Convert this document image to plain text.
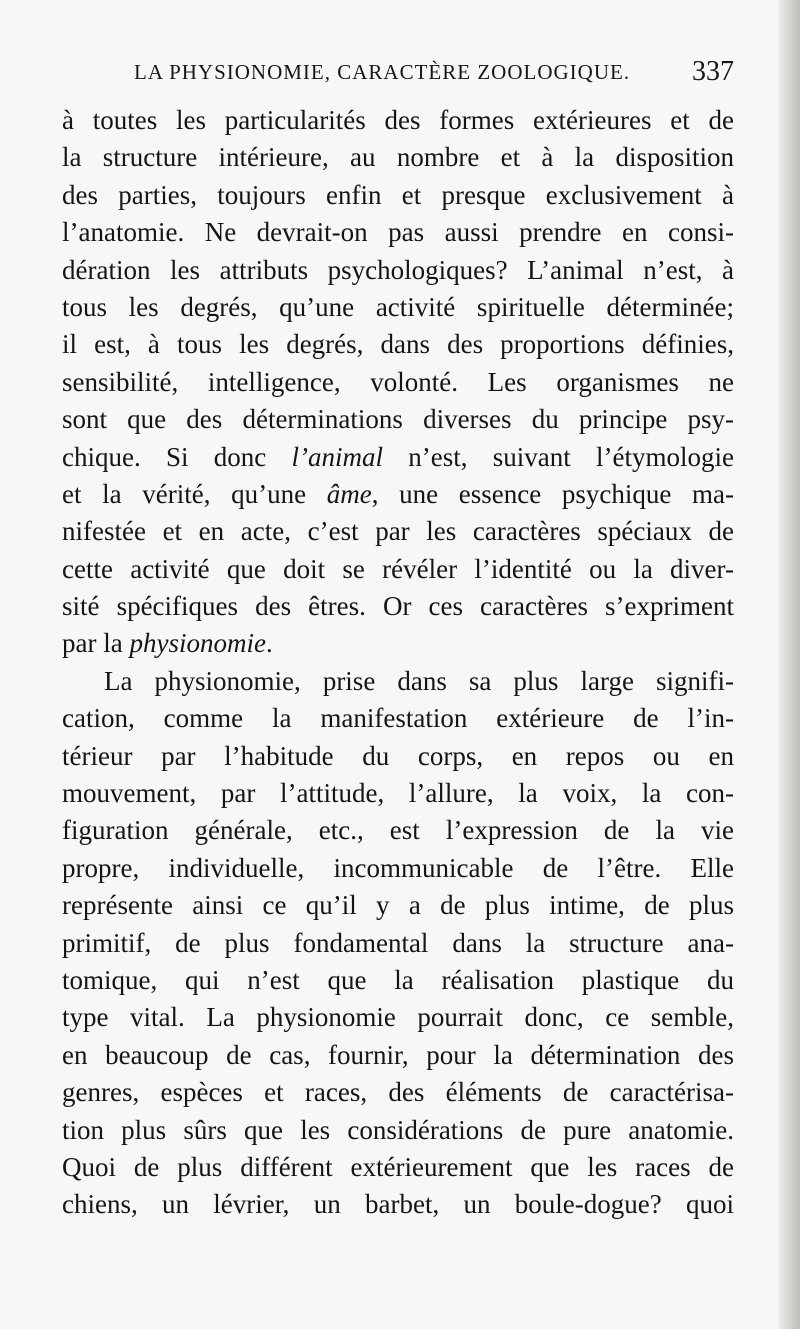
LA PHYSIONOMIE, CARACTÈRE ZOOLOGIQUE. 337
à toutes les particularités des formes extérieures et de
la structure intérieure, au nombre et à la disposition
des parties, toujours enfin et presque exclusivement à
l’anatomie. Ne devrait-on pas aussi prendre en consi-
dération les attributs psychologiques? L’animal n’est, à
tous les degrés, qu’une activité spirituelle déterminée;
il est, à tous les degrés, dans des proportions définies,
sensibilité, intelligence, volonté. Les organismes ne
sont que des déterminations diverses du principe psy-
chique. Si donc l’animal n’est, suivant l’étymologie
et la vérité, qu’une âme, une essence psychique ma-
nifestée et en acte, c’est par les caractères spéciaux de
cette activité que doit se révéler l’identité ou la diver-
sité spécifiques des êtres. Or ces caractères s’expriment
par la physionomie.
La physionomie, prise dans sa plus large signifi-
cation, comme la manifestation extérieure de l’in-
térieur par l’habitude du corps, en repos ou en
mouvement, par l’attitude, l’allure, la voix, la con-
figuration générale, etc., est l’expression de la vie
propre, individuelle, incommunicable de l’être. Elle
représente ainsi ce qu’il y a de plus intime, de plus
primitif, de plus fondamental dans la structure ana-
tomique, qui n’est que la réalisation plastique du
type vital. La physionomie pourrait donc, ce semble,
en beaucoup de cas, fournir, pour la détermination des
genres, espèces et races, des éléments de caractérisa-
tion plus sûrs que les considérations de pure anatomie.
Quoi de plus différent extérieurement que les races de
chiens, un lévrier, un barbet, un boule-dogue? quoi
